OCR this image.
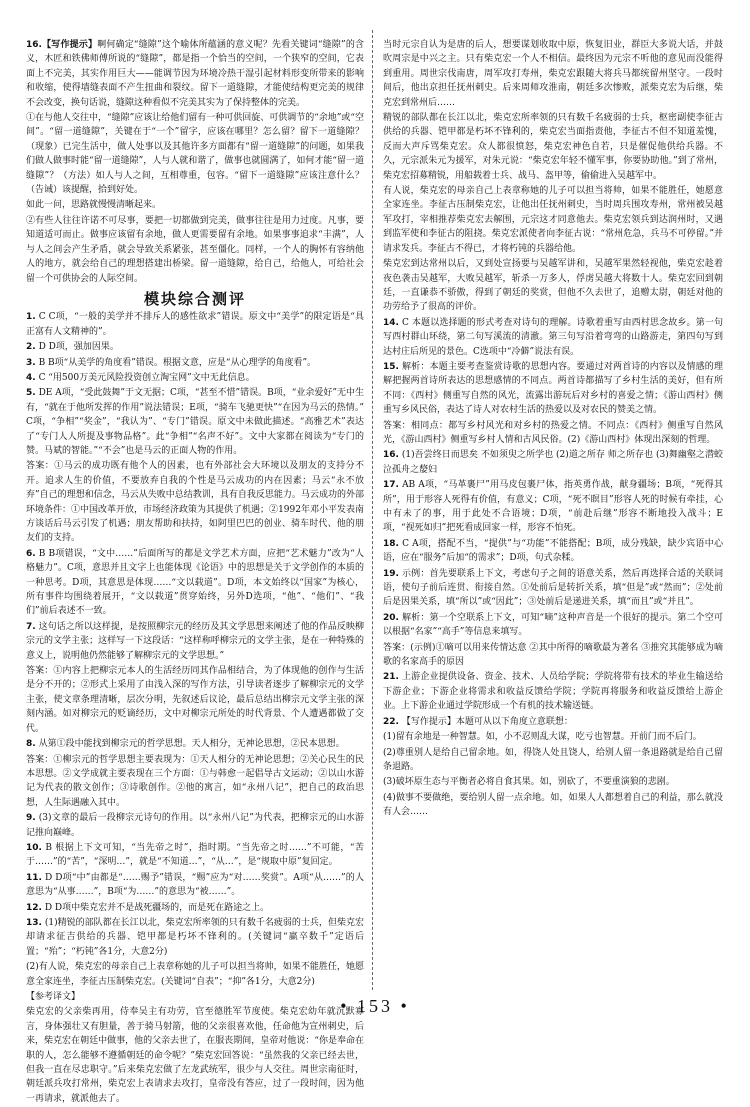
16.【写作提示】啊何确定“缝隙”这个喻体所蕴涵的意义呢？先看关键词“缝隙”的含义，木匠和铁佛师傅所说的“缝隙”，都是指一个恰当的空间，一个狭窄的空间，它表面上不完美，其实作用巨大——能调节因为环境冷热干湿引起材料形变所带来的影响和收缩，使得墙缝表面不产生扭曲和裂纹。留下一道缝隙，才能使结构更完美的规律不会改变，换句话说，缝隙这种看似不完美其实为了保持整体的完美。

①在与他人交往中，“缝隙”应该让给他们留有一种可供回旋、可供调节的“余地”或“空间”。“留一道缝隙”，关键在于“一个”留字，应该在哪里？怎么留？留下一道缝隙？（现象）已完生活中，做人处事以及其他许多方面都有“留一道缝隙”的问题，如果我们做人做事时能“留一道缝隙”，人与人就和谐了，做事也就圆满了，如何才能“留一道缝隙”？（方法）如人与人之间，互相尊重，包容。“留下一道缝隙”应该注意什么？（告诫）该提醒，拾到好处。

如此一问，思路就慢慢清晰起来。

②有些人往往许诺不可尽事，要把一切都做到完美，做事往往是用力过度。凡事，要知道适可而止。做事应该留有余地，做人更需要留有余地。如果事事追求“丰满”，人与人之间会产生矛盾，就会导致关系紧张，甚至僵化。同样，一个人的胸怀有容纳他人的地方，就会给自己的理想搭建出桥梁。留一道缝隙，给自己，给他人，可给社会留一个可供协会的人际空间。

模块综合测评

1. C C项，“一般的美学并不排斥人的感性欲求”错误。原文中“美学”的限定语是“具正富有人文精神的”。

2. D D项，强加因果。

3. B B项“从美学的角度看”错误。根据文意，应是“从心理学的角度看”。

4. C “用500万美元风险投资创立淘宝网”文中无此信息。

5. DE A项，“受此鼓舞”于文无据；C项，“甚至不惜”错误。B项，“业余爱好”无中生有，“就在于他所发挥的作用”说法错误；E项，“骑车飞驰更快”“在因为马云的热情。” C项，“争相”“奖金”，“我认为”、“专门”错误。原文中未做此描述。“高雅艺术”表达了“专门人人所提及事物品格”。此“争相”“名声不好”。文中大家都在阅读为“专门的赞。马斌的智能。”“不会”也是马云的正面人物的作用。

答案：①马云的成功既有他个人的因素，也有外部社会大环境以及朋友的支持分不开。追求人生的价值，不要放弃自我的个性是马云成功的内在因素；马云“永不放弃”自己的理想和信念，马云从失败中总结教训，具有自我反思能力。马云成功的外部环境条件：①中国改革开放，市场经济政策为其提供了机遇；②1992年邓小平发表南方谈话后马云引发了机遇；朋友帮助和扶持，如阿里巴巴的创业、骑车时代、他的朋友们的支持。

6. B B项错误，“文中……”后面所写的都是文学艺术方面，应把“艺术魅力”改为“人格魅力”。C项，意思并且文字上也能体现《论语》中的思想是关于文学创作的本质的一种思考。D项，其意思是体现……“文以载道”。D项，本文始终以“国家”为核心，所有事件均围绕着展开，“文以载道”贯穿始终，另外D选项，“他”、“他们”、“我们”前后表述不一致。

7. 这句话之所以这样提，是按照柳宗元的经历及其文学思想来阐述了他的作品反映柳宗元的文学主张；这样写一下这段话：“这样称呼柳宗元的文学主张，是在一种特殊的意义上，说明他仍然能够了解柳宗元的文学思想。”

答案：①内容上把柳宗元本人的生活经历同其作品相结合，为了体现他的创作与生活是分不开的；②形式上采用了由浅入深的写作方法，引导读者逐步了解柳宗元的文学主张，使文章条理清晰，层次分明，先叙述后议论，最后总结出柳宗元文学主张的深刻内涵。如对柳宗元的贬谪经历，文中对柳宗元所处的时代背景、个人遭遇都做了交代。

8. 从第①段中能找到柳宗元的哲学思想。天人相分，无神论思想，②民本思想。

答案：①柳宗元的哲学思想主要表现为：①天人相分的无神论思想；②关心民生的民本思想。②文学成就主要表现在三个方面：①与韩愈一起倡导古文运动；②以山水游记为代表的散文创作；③诗歌创作。②他的寓言，如“永州八记”，把自己的政治思想，人生际遇融入其中。

9. (3)文章的最后一段柳宗元诗句的作用。以“永州八记”为代表，把柳宗元的山水游记推向巅峰。

10. B 根据上下文可知，“当先帝之时”，指时期。“当先帝之时……”不可能，“苦于……”的“苦”，“深明…”，就是“不知道…”，“从…”，是“规取中原”复回定。

11. D D项“中”由都是“……赐予”错误，“赐”应为“对……奖赏”。A项“从……”的人意思为“从事……”，B项“为……”的意思为“被……”。

12. D D项中柴克宏并不是战死疆场的，而是死在路途之上。

13. (1)精锐的部队都在长江以北，柴克宏所率领的只有数千名疲弱的士兵，但柴克宏却请求征吉供给的兵器、铠甲都是朽坏不锋利的。(关键词“羸卒数千”定语后置；“殆”；“朽钝”各1分，大意2分)

(2)有人说，柴克宏的母亲自己上表章称她的儿子可以担当将帅，如果不能胜任，她愿意全家连坐，李征古压制柴克宏。(关键词“自表”；“抑”各1分，大意2分)

【参考译文】

柴克宏的父亲柴再用，侍奉吴主有功劳，官至德胜军节度使。柴克宏幼年就沉默寡言，身体强壮又有胆量，善于骑马射箭，他的父亲很喜欢他，任命他为宣州刺史，后来，柴克宏在朝廷中做事，他的父亲去世了，在服丧期间，皇帝对他说：“你是奉命在职的人，怎么能够不遵循朝廷的命令呢？”柴克宏回答说：“虽然我的父亲已经去世，但我一直在尽忠职守。”后来柴克宏做了左龙武统军，很少与人交往。周世宗南征时，朝廷派兵攻打常州，柴克宏上表请求去攻打，皇帝没有答应，过了一段时间，因为他一再请求，就派他去了。

当时元宗自认为是唐的后人，想要谋划收取中原，恢复旧业，群臣大多说大话，并鼓吹周宗是中兴之主。只有柴克宏一个人不相信。最终因为元宗不听他的意见而没能得到重用。周世宗伐南唐，周军攻打寿州，柴克宏跟随大将兵马都统留州坚守。一段时间后，他出京担任抚州刺史。后来周师攻淮南，朝廷多次惨败，派柴克宏为后继，柴克宏到常州后……

精锐的部队都在长江以北，柴克宏所率领的只有数千名疲弱的士兵，枢密副使李征古供给的兵器、铠甲都是朽坏不锋利的，柴克宏当面指责他，李征古不但不知道羞愧，反而大声斥骂柴克宏。众人都很愤怒，柴克宏神色自若，只是催促他供给兵器。不久，元宗派朱元为援军，对朱元说：“柴克宏年轻不懂军事，你要协助他。”到了常州，柴克宏招募精锐，用船载着士兵、战马、盔甲等，偷偷进入吴越军中。

有人说，柴克宏的母亲自己上表章称她的儿子可以担当将帅，如果不能胜任，她愿意全家连坐。李征古压制柴克宏，让他出任抚州刺史，当时周兵围攻寿州，常州被吴越军攻打，宰相推荐柴克宏去解围，元宗这才同意他去。柴克宏领兵到达润州时，又遇到监军使和李征古的阻挠。柴克宏派使者向李征古说：“常州危急，兵马不可停留。”并请求发兵。李征古不得已，才将朽钝的兵器给他。

柴克宏到达常州以后，又到处宣扬要与吴越军讲和，吴越军果然轻视他，柴克宏趁着夜色袭击吴越军，大败吴越军，斩杀一万多人，俘虏吴越大将数十人。柴克宏回到朝廷，一直谦恭不骄傲，得到了朝廷的奖赏，但他不久去世了，追赠太尉，朝廷对他的功劳给予了很高的评价。

14. C 本题以选择题的形式考查对诗句的理解。诗歌着重写由西村思念故乡。第一句写西村群山环绕，第二句写溪流的清澈。第三句写沿着弯弯的山路游走，第四句写到达村庄后所见的景色。C选项中“冷僻”说法有误。

15. 解析：本题主要考查鉴赏诗歌的思想内容。要通过对两首诗的内容以及情感的理解把握两首诗所表达的思想感情的不同点。两首诗都描写了乡村生活的美好，但有所不同：《西村》侧重写自然的风光，流露出游玩后对乡村的喜爱之情；《游山西村》侧重写乡风民俗，表达了诗人对农村生活的热爱以及对农民的赞美之情。

答案：相同点：都写乡村风光和对乡村的热爱之情。不同点：《西村》侧重写自然风光，《游山西村》侧重写乡村人情和古风民俗。(2)《游山西村》体现出深刻的哲理。

16. (1)吾尝终日而思矣 不如须臾之所学也 (2)道之所存 师之所存也 (3)舞幽壑之潜蛟 泣孤舟之嫠妇

17. AB A项，“马革裹尸”用马皮包裹尸体，指英勇作战，献身疆场；B项，“死得其所”，用于形容人死得有价值，有意义；C项，“死不瞑目”形容人死的时候有牵挂，心中有未了的事，用于此处不合语境；D项，“前赴后继”形容不断地投入战斗；E项，“视死如归”把死看成回家一样，形容不怕死。

18. C A项，搭配不当，“提供”与“功能”不能搭配；B项，成分残缺，缺少宾语中心语，应在“服务”后加“的需求”；D项，句式杂糅。

19. 示例：首先要联系上下文，考虑句子之间的语意关系，然后再选择合适的关联词语，使句子前后连贯、衔接自然。①处前后是转折关系，填“但是”或“然而”；②处前后是因果关系，填“所以”或“因此”；③处前后是递进关系，填“而且”或“并且”。

20. 解析：第一个空联系上下文，可知“嘀”这种声音是一个很好的提示。第二个空可以根据“名家”“高手”等信息来填写。

答案：(示例)①嘀可以用来传情达意 ②其中所得的嘀歌最为著名 ③推究其能够成为嘀歌的名家高手的原因

21. 上游企业提供设备、资金、技术、人员给学院；学院将带有技术的毕业生输送给下游企业；下游企业将需求和收益反馈给学院；学院再将服务和收益反馈给上游企业。上下游企业通过学院形成一个有机的技术输送链。

22. 【写作提示】本题可从以下角度立意联想：

(1)留有余地是一种智慧。如，小不忍则乱大谋，吃亏也智慧。开前门而不后门。

(2)尊重别人是给自己留余地。如，得饶人处且饶人，给别人留一条退路就是给自己留条退路。

(3)破坏原生态与平衡者必将自食其果。如，别砍了，不要重演狼的悲剧。

(4)做事不要做绝，要给别人留一点余地。如，如果人人都想着自己的利益，那么就没有人会……

• 153 •
